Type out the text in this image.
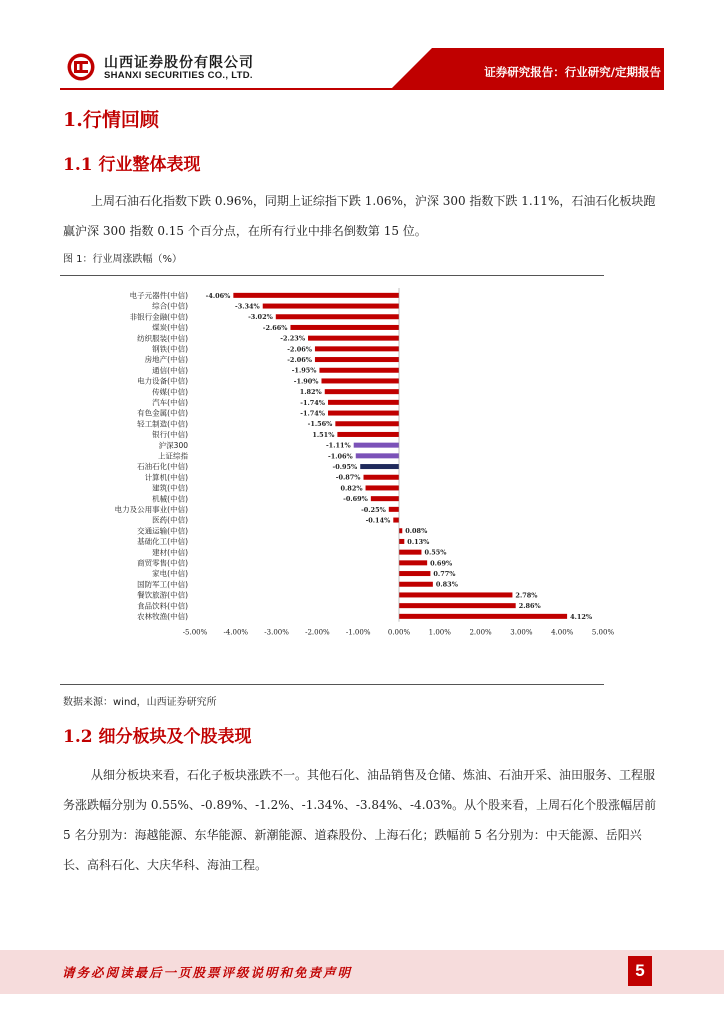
山西证券股份有限公司
SHANXI SECURITIES CO., LTD.	证券研究报告：行业研究/定期报告
1.行情回顾
1.1 行业整体表现

上周石油石化指数下跌 0.96%，同期上证综指下跌 1.06%，沪深 300 指数下跌 1.11%，石油石化板块跑赢沪深 300 指数 0.15 个百分点，在所有行业中排名倒数第 15 位。

图 1：行业周涨跌幅（%）
电子元器件(中信)	-4.06%
综合(中信)	-3.34%
非银行金融(中信)	-3.02%
煤炭(中信)	-2.66%
纺织服装(中信)	-2.23%
钢铁(中信)	-2.06%
房地产(中信)	-2.06%
通信(中信)	-1.95%
电力设备(中信)	-1.90%
传媒(中信)	1.82%
汽车(中信)	-1.74%
有色金属(中信)	-1.74%
轻工制造(中信)	-1.56%
银行(中信)	1.51%
沪深300	-1.11%
上证综指	-1.06%
石油石化(中信)	-0.95%
计算机(中信)	-0.87%
建筑(中信)	0.82%
机械(中信)	-0.69%
电力及公用事业(中信)	-0.25%
医药(中信)	-0.14%
交通运输(中信)	0.08%
基础化工(中信)	0.13%
建材(中信)	0.55%
商贸零售(中信)	0.69%
家电(中信)	0.77%
国防军工(中信)	0.83%
餐饮旅游(中信)	2.78%
食品饮料(中信)	2.86%
农林牧渔(中信)	4.12%
-5.00% -4.00% -3.00% -2.00% -1.00% 0.00%	1.00%	2.00%	3.00%	4.00%	5.00%
数据来源：wind，山西证券研究所
1.2 细分板块及个股表现

从细分板块来看，石化子板块涨跌不一。其他石化、油品销售及仓储、炼油、石油开采、油田服务、工程服务涨跌幅分别为 0.55%、-0.89%、-1.2%、-1.34%、-3.84%、-4.03%。从个股来看，上周石化个股涨幅居前 5 名分别为：海越能源、东华能源、新潮能源、道森股份、上海石化；跌幅前 5 名分别为：中天能源、岳阳兴长、高科石化、大庆华科、海油工程。

请务必阅读最后一页股票评级说明和免责声明	5
